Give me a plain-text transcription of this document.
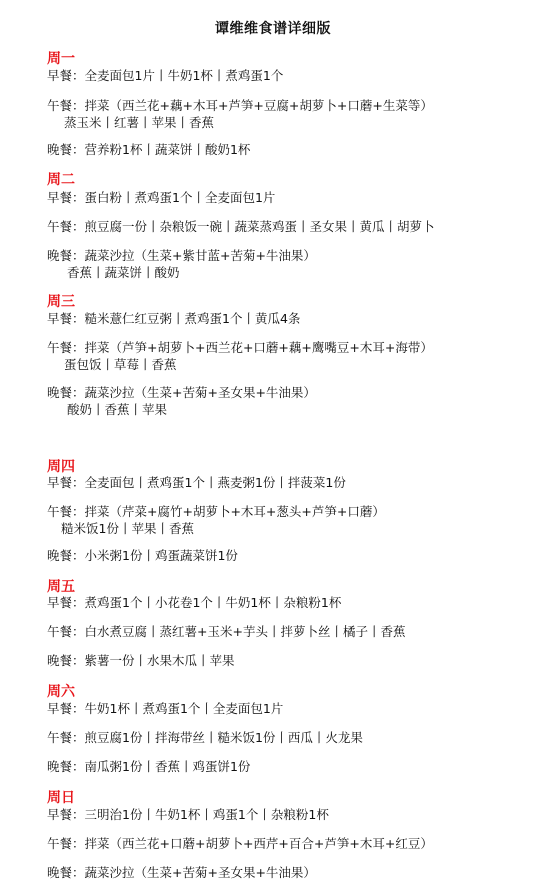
谭维维食谱详细版
周一
早餐：全麦面包1片丨牛奶1杯丨煮鸡蛋1个
午餐：拌菜（西兰花+藕+木耳+芦笋+豆腐+胡萝卜+口蘑+生菜等）
蒸玉米丨红薯丨苹果丨香蕉
晚餐：营养粉1杯丨蔬菜饼丨酸奶1杯
周二
早餐：蛋白粉丨煮鸡蛋1个丨全麦面包1片
午餐：煎豆腐一份丨杂粮饭一碗丨蔬菜蒸鸡蛋丨圣女果丨黄瓜丨胡萝卜
晚餐：蔬菜沙拉（生菜+紫甘蓝+苦菊+牛油果）
香蕉丨蔬菜饼丨酸奶
周三
早餐：糙米薏仁红豆粥丨煮鸡蛋1个丨黄瓜4条
午餐：拌菜（芦笋+胡萝卜+西兰花+口蘑+藕+鹰嘴豆+木耳+海带）
蛋包饭丨草莓丨香蕉
晚餐：蔬菜沙拉（生菜+苦菊+圣女果+牛油果）
酸奶丨香蕉丨苹果
周四
早餐：全麦面包丨煮鸡蛋1个丨燕麦粥1份丨拌菠菜1份
午餐：拌菜（芹菜+腐竹+胡萝卜+木耳+葱头+芦笋+口蘑）
糙米饭1份丨苹果丨香蕉
晚餐：小米粥1份丨鸡蛋蔬菜饼1份
周五
早餐：煮鸡蛋1个丨小花卷1个丨牛奶1杯丨杂粮粉1杯
午餐：白水煮豆腐丨蒸红薯+玉米+芋头丨拌萝卜丝丨橘子丨香蕉
晚餐：紫薯一份丨水果木瓜丨苹果
周六
早餐：牛奶1杯丨煮鸡蛋1个丨全麦面包1片
午餐：煎豆腐1份丨拌海带丝丨糙米饭1份丨西瓜丨火龙果
晚餐：南瓜粥1份丨香蕉丨鸡蛋饼1份
周日
早餐：三明治1份丨牛奶1杯丨鸡蛋1个丨杂粮粉1杯
午餐：拌菜（西兰花+口蘑+胡萝卜+西芹+百合+芦笋+木耳+红豆）
晚餐：蔬菜沙拉（生菜+苦菊+圣女果+牛油果）
